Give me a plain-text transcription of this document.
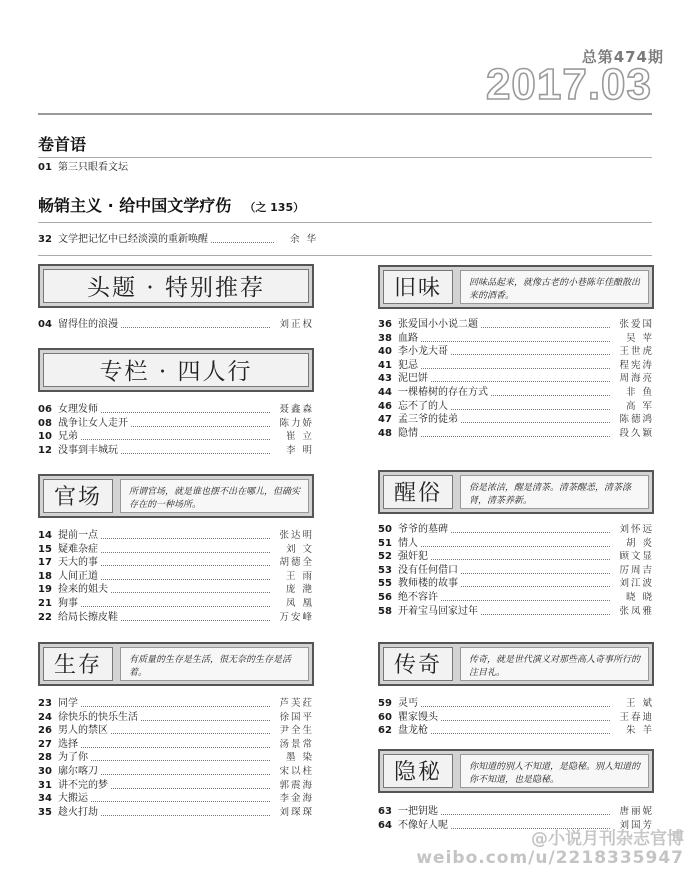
总第474期
2017.03
卷首语
01 第三只眼看文坛
畅销主义 · 给中国文学疗伤 （之 135）
32 文学把记忆中已经淡漠的重新唤醒	余 华
头题 · 特别推荐
专栏 · 四人行
官场	所谓官场，就是谁也摆不出在哪儿，但确实存在的一种场所。
生存	有质量的生存是生活，很无奈的生存是活着。
旧味	回味品起来，就像古老的小巷陈年佳酿散出来的酒香。
醒俗	俗是浓洁，醒是清茶。清茶醒恙，清茶涤肾，清茶养新。
传奇	传奇，就是世代演义对那些高人奇事所行的注目礼。
隐秘	你知道的别人不知道，是隐秘。别人知道的你不知道，也是隐秘。
@小说月刊杂志官博
weibo.com/u/2218335947
04 留得住的浪漫	刘正权
06 女理发师	聂鑫森
08 战争让女人走开	陈力娇
10 兄弟	崔 立
12 没事到丰城玩	李 明
14 提前一点	张达明
15 疑难杂症	刘 文
17 天大的事	胡德全
18 人间正道	王 雨
19 捡来的姐夫	庞 滟
21 狗事	凤 凰
22 给局长擦皮鞋	万安峰
23 同学	芦芙荭
24 徐快乐的快乐生活	徐国平
26 男人的禁区	尹全生
27 选择	汤景常
28 为了你	墨 染
30 廓尔喀刀	宋以柱
31 讲不完的梦	郭震海
34 大搬运	李金海
35 趁火打劫	刘琛琛
36 张爱国小小说二题	张爱国
38 血路	吴 苹
40 李小龙大哥	王世虎
41 犯忌	程宪涛
43 泥巴饼	周海亮
44 一棵椿树的存在方式	非 鱼
46 忘不了的人	高 军
47 孟三爷的徒弟	陈德鸿
48 隐情	段久颖
50 爷爷的墓碑	刘怀远
51 情人	胡 炎
52 强奸犯	顾文显
53 没有任何借口	厉周吉
55 教师楼的故事	刘江波
56 绝不容许	晓 晓
58 开着宝马回家过年	张凤雅
59 灵丐	王 斌
60 瞿家馒头	王春迪
62 盘龙枪	朱 羊
63 一把钥匙	唐丽妮
64 不像好人呢	刘国芳
